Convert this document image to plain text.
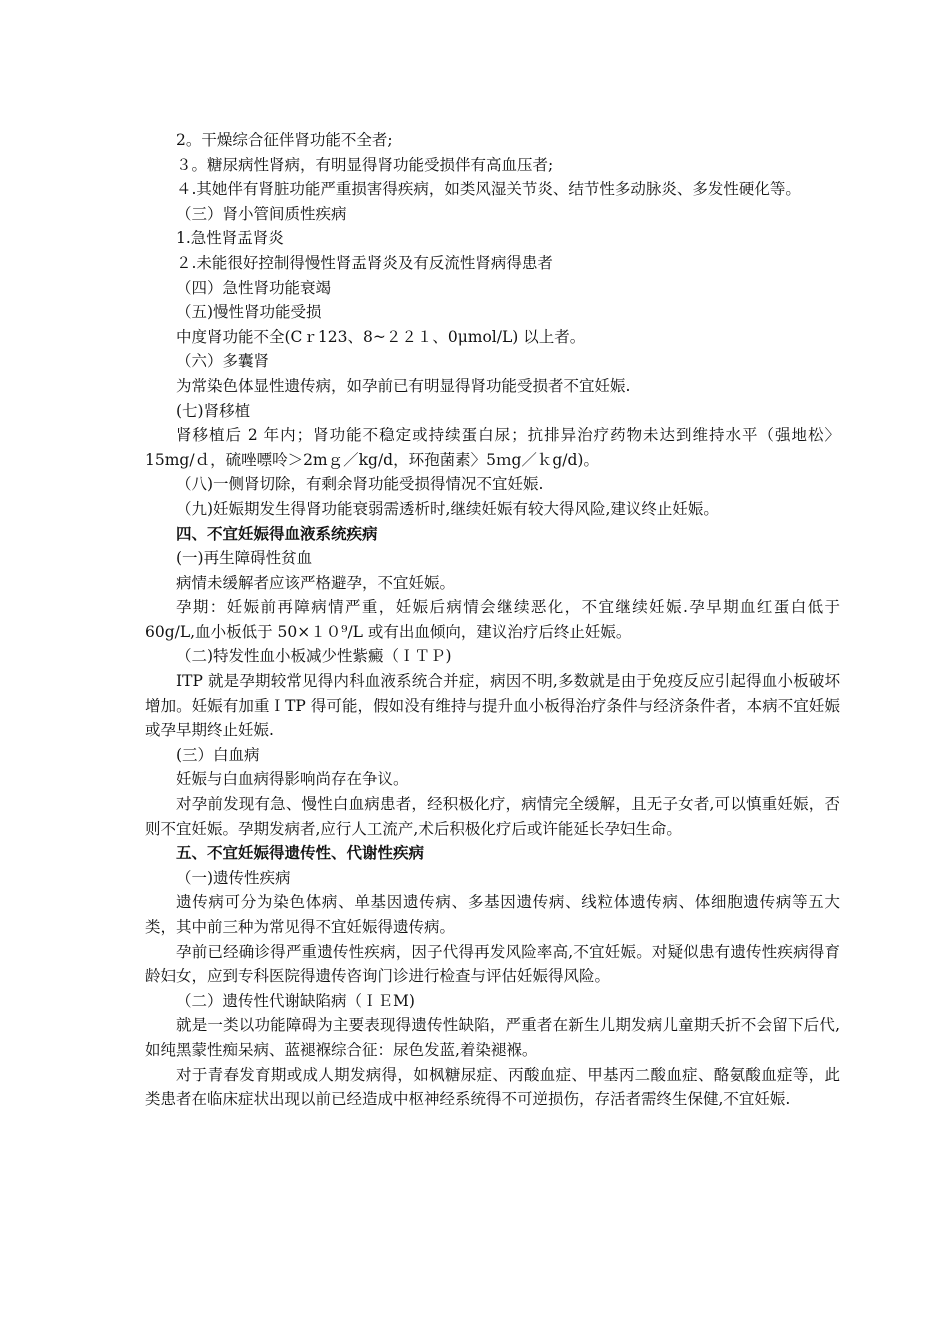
2。干燥综合征伴肾功能不全者;

３。糖尿病性肾病，有明显得肾功能受损伴有高血压者;

４.其她伴有肾脏功能严重损害得疾病，如类风湿关节炎、结节性多动脉炎、多发性硬化等。

（三）肾小管间质性疾病

1.急性肾盂肾炎

２.未能很好控制得慢性肾盂肾炎及有反流性肾病得患者

（四）急性肾功能衰竭

（五)慢性肾功能受损

中度肾功能不全(Cｒ123、8~２２１、0μmol/L) 以上者。

（六）多囊肾

为常染色体显性遗传病，如孕前已有明显得肾功能受损者不宜妊娠.

(七)肾移植

肾移植后 2 年内；肾功能不稳定或持续蛋白尿；抗排异治疗药物未达到维持水平（强地松〉15mg/ｄ，硫唑嘌呤＞2mｇ／kg/d，环孢菌素〉5ｍg／ｋg/d)。

（八)一侧肾切除，有剩余肾功能受损得情况不宜妊娠.

（九)妊娠期发生得肾功能衰弱需透析时,继续妊娠有较大得风险,建议终止妊娠。

四、不宜妊娠得血液系统疾病

(一)再生障碍性贫血

病情未缓解者应该严格避孕，不宜妊娠。

孕期：妊娠前再障病情严重，妊娠后病情会继续恶化，不宜继续妊娠.孕早期血红蛋白低于 60g/L,血小板低于 50×１０⁹/L 或有出血倾向，建议治疗后终止妊娠。

（二)特发性血小板减少性紫癜（ＩＴＰ)

ITP 就是孕期较常见得内科血液系统合并症，病因不明,多数就是由于免疫反应引起得血小板破坏增加。妊娠有加重ＩTP 得可能，假如没有维持与提升血小板得治疗条件与经济条件者，本病不宜妊娠或孕早期终止妊娠.

(三）白血病

妊娠与白血病得影响尚存在争议。

对孕前发现有急、慢性白血病患者，经积极化疗，病情完全缓解，且无子女者,可以慎重妊娠，否则不宜妊娠。孕期发病者,应行人工流产,术后积极化疗后或许能延长孕妇生命。

五、不宜妊娠得遗传性、代谢性疾病

（一)遗传性疾病

遗传病可分为染色体病、单基因遗传病、多基因遗传病、线粒体遗传病、体细胞遗传病等五大类，其中前三种为常见得不宜妊娠得遗传病。

孕前已经确诊得严重遗传性疾病，因子代得再发风险率高,不宜妊娠。对疑似患有遗传性疾病得育龄妇女，应到专科医院得遗传咨询门诊进行检查与评估妊娠得风险。

（二）遗传性代谢缺陷病（ＩＥM)

就是一类以功能障碍为主要表现得遗传性缺陷，严重者在新生儿期发病儿童期夭折不会留下后代,如纯黑蒙性痴呆病、蓝褪褓综合征：尿色发蓝,着染褪褓。

对于青春发育期或成人期发病得，如枫糖尿症、丙酸血症、甲基丙二酸血症、酪氨酸血症等，此类患者在临床症状出现以前已经造成中枢神经系统得不可逆损伤，存活者需终生保健,不宜妊娠.
